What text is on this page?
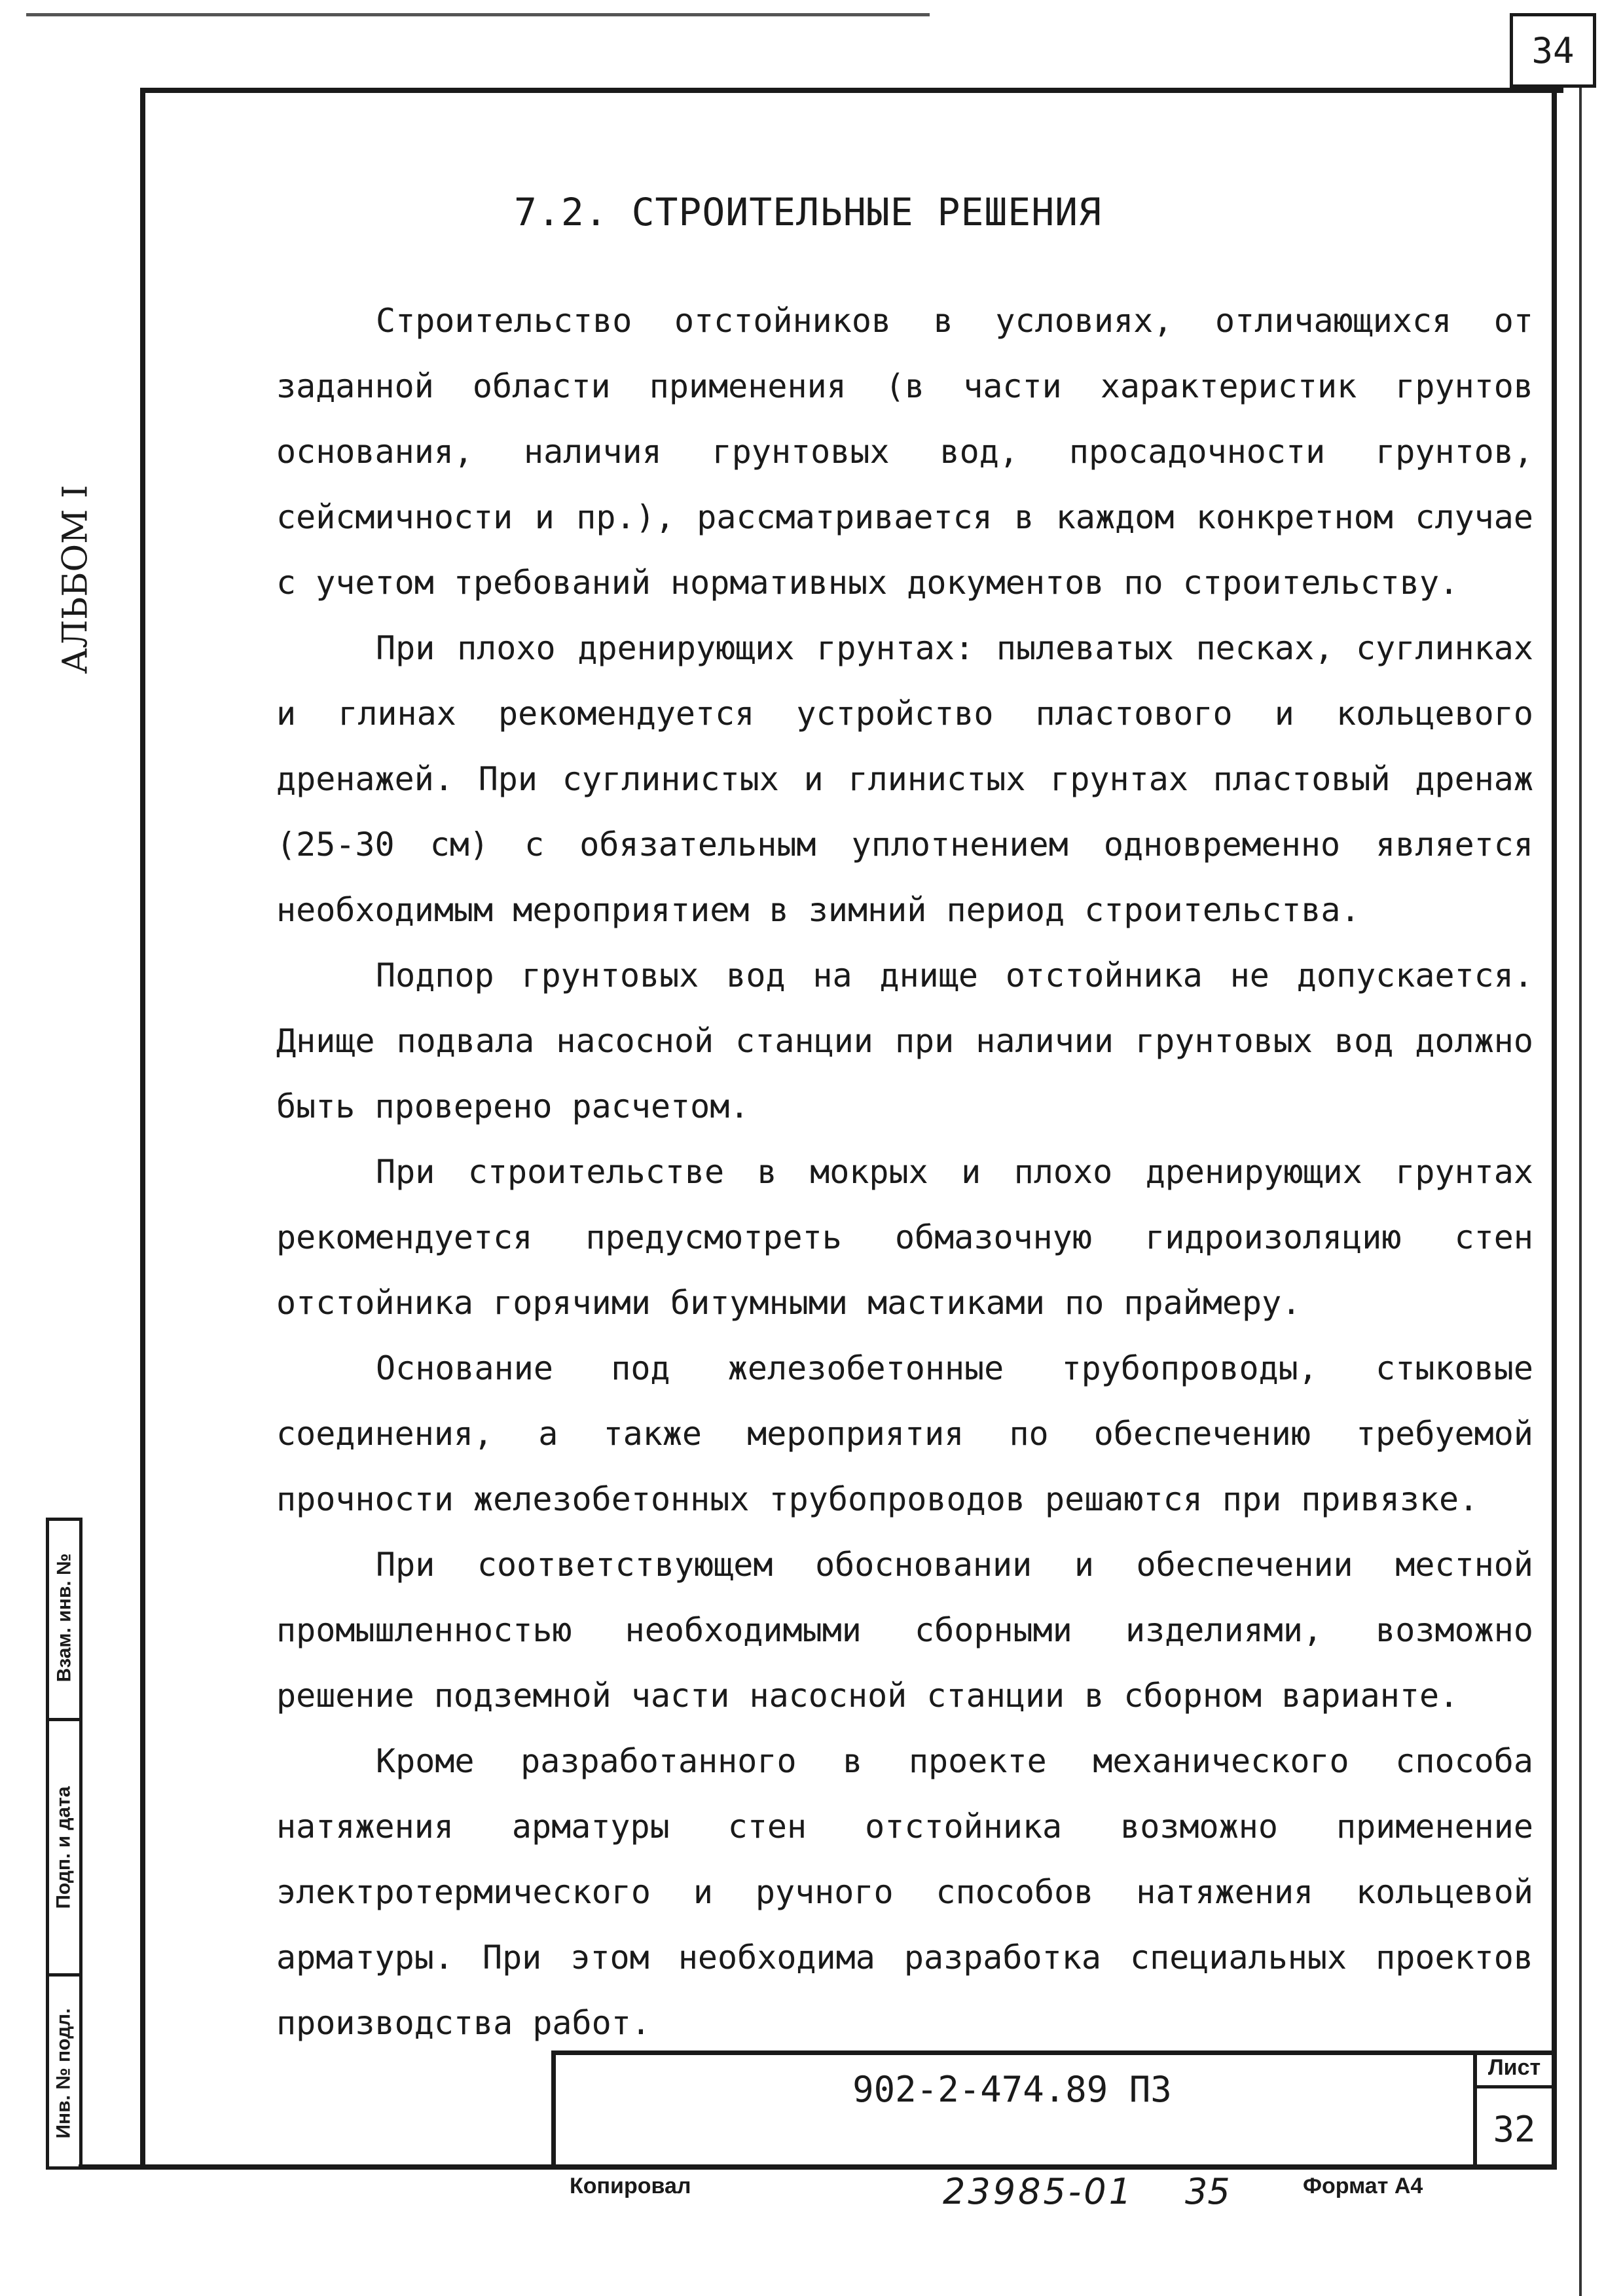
34
АЛЬБОМ I
Взам. инв. №
Подп. и дата
Инв. № подл.
7.2. СТРОИТЕЛЬНЫЕ РЕШЕНИЯ

Строительство отстойников в условиях, отличающихся от заданной области применения (в части характеристик грунтов основания, наличия грунтовых вод, просадочности грунтов, сейсмичности и пр.), рассматривается в каждом конкретном случае с учетом требований нормативных документов по строительству.

При плохо дренирующих грунтах: пылеватых песках, суглинках и глинах рекомендуется устройство пластового и кольцевого дренажей. При суглинистых и глинистых грунтах пластовый дренаж (25-30 см) с обязательным уплотнением одновременно является необходимым мероприятием в зимний период строительства.

Подпор грунтовых вод на днище отстойника не допускается. Днище подвала насосной станции при наличии грунтовых вод должно быть проверено расчетом.

При строительстве в мокрых и плохо дренирующих грунтах рекомендуется предусмотреть обмазочную гидроизоляцию стен отстойника горячими битумными мастиками по праймеру.

Основание под железобетонные трубопроводы, стыковые соединения, а также мероприятия по обеспечению требуемой прочности железобетонных трубопроводов решаются при привязке.

При соответствующем обосновании и обеспечении местной промышленностью необходимыми сборными изделиями, возможно решение подземной части насосной станции в сборном варианте.

Кроме разработанного в проекте механического способа натяжения арматуры стен отстойника возможно применение электротермического и ручного способов натяжения кольцевой арматуры. При этом необходима разработка специальных проектов производства работ.

902-2-474.89 ПЗ
Лист
32
Копировал	23985-01 35	Формат А4
